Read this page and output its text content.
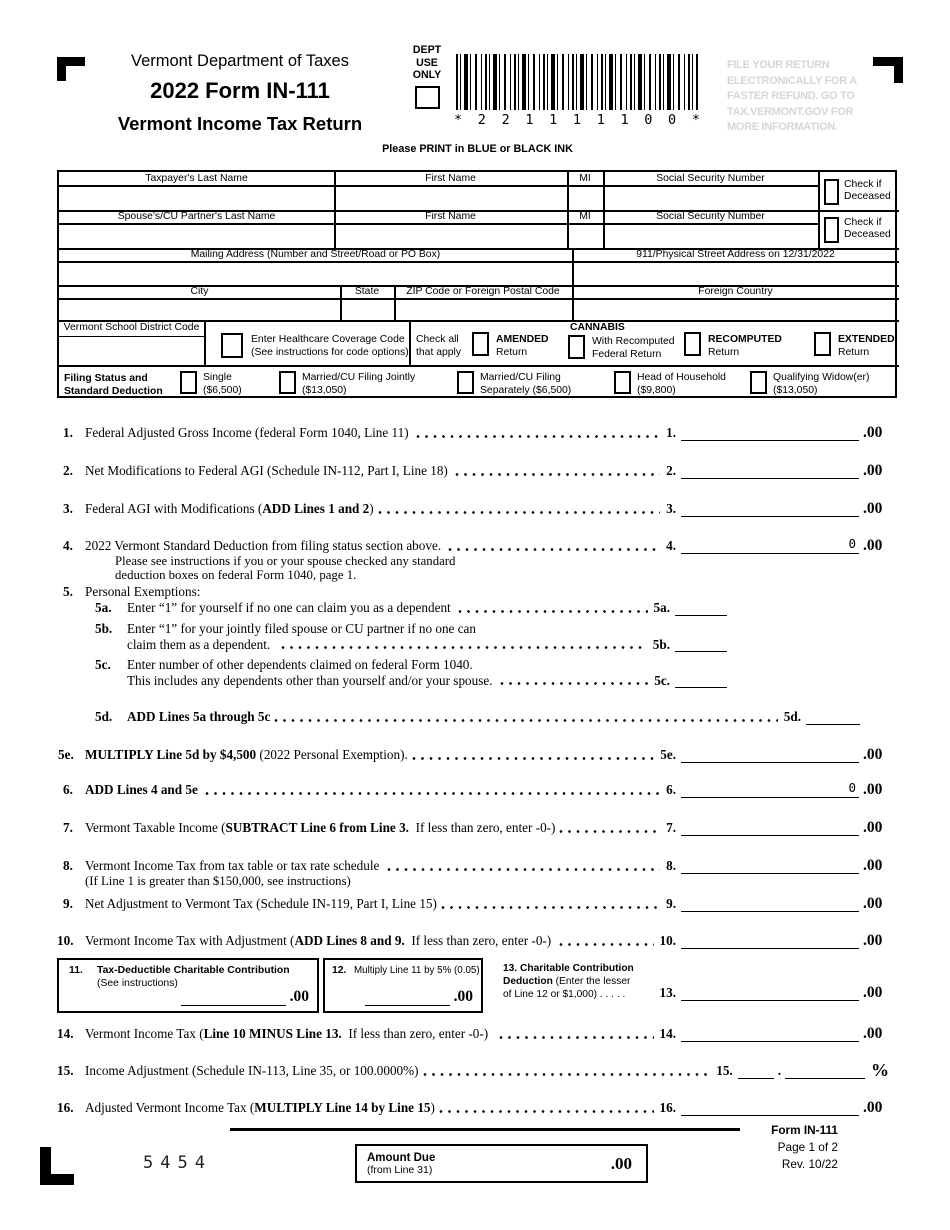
Vermont Department of Taxes
2022 Form IN-111
Vermont Income Tax Return
DEPT USE ONLY
* 2 2 1 1 1 1 1 0 0 *
Please PRINT in BLUE or BLACK INK
FILE YOUR RETURN
ELECTRONICALLY FOR A
FASTER REFUND. GO TO
TAX.VERMONT.GOV FOR
MORE INFORMATION.
Taxpayer's Last Name	First Name	MI	Social Security Number
Check if Deceased
Spouse's/CU Partner's Last Name	First Name	MI	Social Security Number
Check if Deceased
Mailing Address (Number and Street/Road or PO Box)	911/Physical Street Address on 12/31/2022
City	State	ZIP Code or Foreign Postal Code	Foreign Country
Vermont School District Code
Enter Healthcare Coverage Code
(See instructions for code options)
Check all that apply
AMENDED
Return
CANNABIS
With Recomputed Federal Return
RECOMPUTED
Return
EXTENDED
Return
Filing Status and
Standard Deduction
Single
($6,500)
Married/CU Filing Jointly
($13,050)
Married/CU Filing
Separately ($6,500)
Head of Household
($9,800)
Qualifying Widow(er)
($13,050)
1. Federal Adjusted Gross Income (federal Form 1040, Line 11)	1.	.00
2. Net Modifications to Federal AGI (Schedule IN-112, Part I, Line 18)	2.	.00
3. Federal AGI with Modifications ( ADD Lines 1 and 2 )	3.	.00
4. 2022 Vermont Standard Deduction from filing status section above.	4.	0 .00
Please see instructions if you or your spouse checked any standard
deduction boxes on federal Form 1040, page 1.
5. Personal Exemptions:
5a.	Enter “1” for yourself if no one can claim you as a dependent	5a.
5b.	Enter “1” for your jointly filed spouse or CU partner if no one can
claim them as a dependent.	5b.
5c.	Enter number of other dependents claimed on federal Form 1040.
This includes any dependents other than yourself and/or your spouse.	5c.
5d.	ADD Lines 5a through 5c	5d.
5e. MULTIPLY Line 5d by $4,500 (2022 Personal Exemption).	5e.	.00
6. ADD Lines 4 and 5e	6.	0 .00
7. Vermont Taxable Income ( SUBTRACT Line 6 from Line 3. If less than zero, enter -0-)	7.	.00
8. Vermont Income Tax from tax table or tax rate schedule	8.	.00
(If Line 1 is greater than $150,000, see instructions)
9. Net Adjustment to Vermont Tax (Schedule IN-119, Part I, Line 15)	9.	.00
10. Vermont Income Tax with Adjustment ( ADD Lines 8 and 9. If less than zero, enter -0-)	10.	.00
14. Vermont Income Tax ( Line 10 MINUS Line 13. If less than zero, enter -0-)	14.	.00
15. Income Adjustment (Schedule IN-113, Line 35, or 100.0000%)	15.	.	%
16. Adjusted Vermont Income Tax ( MULTIPLY Line 14 by Line 15 )	16.	.00
11. Tax-Deductible Charitable Contribution
(See instructions)
.00
12. Multiply Line 11 by 5% (0.05)
.00
13. Charitable Contribution
Deduction (Enter the lesser
of Line 12 or $1,000) . . . . .	13.	.00
Form IN-111
Page 1 of 2
Rev. 10/22
5454	Amount Due
(from Line 31)	.00
